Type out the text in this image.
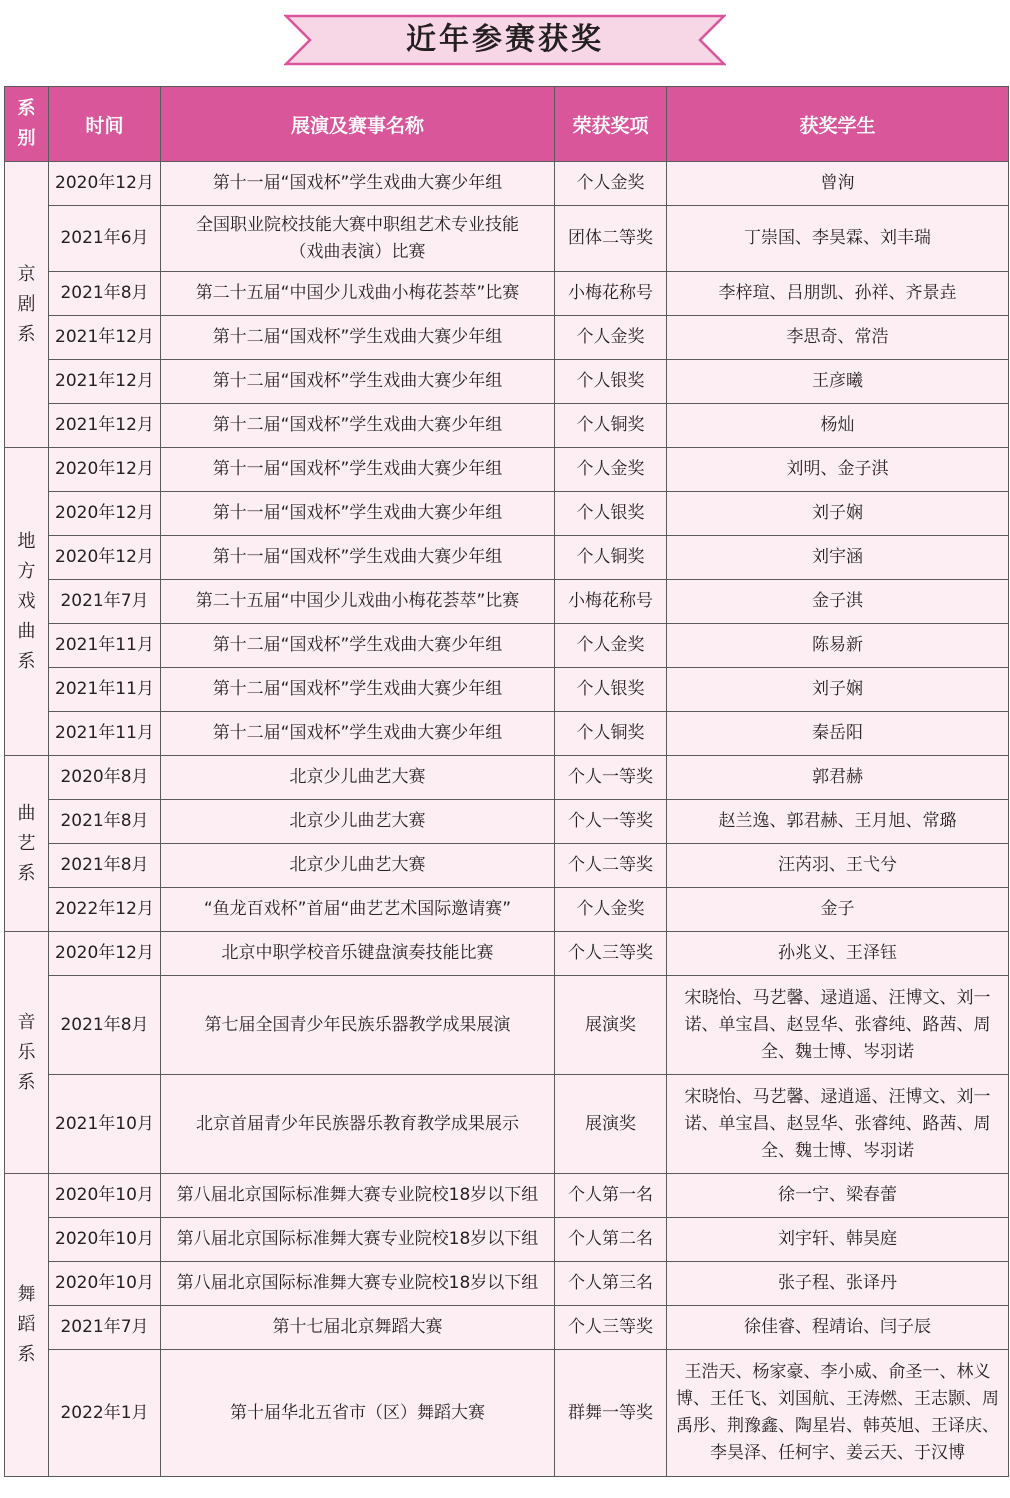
近年参赛获奖
系别	时间	展演及赛事名称	荣获奖项	获奖学生

京剧系	2020年12月	第十一届“国戏杯”学生戏曲大赛少年组	个人金奖	曾洵
	2021年6月	全国职业院校技能大赛中职组艺术专业技能（戏曲表演）比赛	团体二等奖	丁崇国、李昊霖、刘丰瑞
	2021年8月	第二十五届“中国少儿戏曲小梅花荟萃”比赛	小梅花称号	李梓瑄、吕朋凯、孙祥、齐景垚
	2021年12月	第十二届“国戏杯”学生戏曲大赛少年组	个人金奖	李思奇、常浩
	2021年12月	第十二届“国戏杯”学生戏曲大赛少年组	个人银奖	王彦曦
	2021年12月	第十二届“国戏杯”学生戏曲大赛少年组	个人铜奖	杨灿

地方戏曲系	2020年12月	第十一届“国戏杯”学生戏曲大赛少年组	个人金奖	刘明、金子淇
	2020年12月	第十一届“国戏杯”学生戏曲大赛少年组	个人银奖	刘子娴
	2020年12月	第十一届“国戏杯”学生戏曲大赛少年组	个人铜奖	刘宇涵
	2021年7月	第二十五届“中国少儿戏曲小梅花荟萃”比赛	小梅花称号	金子淇
	2021年11月	第十二届“国戏杯”学生戏曲大赛少年组	个人金奖	陈易新
	2021年11月	第十二届“国戏杯”学生戏曲大赛少年组	个人银奖	刘子娴
	2021年11月	第十二届“国戏杯”学生戏曲大赛少年组	个人铜奖	秦岳阳

曲艺系	2020年8月	北京少儿曲艺大赛	个人一等奖	郭君赫
	2021年8月	北京少儿曲艺大赛	个人一等奖	赵兰逸、郭君赫、王月旭、常璐
	2021年8月	北京少儿曲艺大赛	个人二等奖	汪芮羽、王弋兮
	2022年12月	“鱼龙百戏杯”首届“曲艺艺术国际邀请赛”	个人金奖	金子

音乐系	2020年12月	北京中职学校音乐键盘演奏技能比赛	个人三等奖	孙兆义、王泽钰
	2021年8月	第七届全国青少年民族乐器教学成果展演	展演奖	宋晓怡、马艺馨、逯逍遥、汪博文、刘一诺、单宝昌、赵昱华、张睿纯、路茜、周全、魏士博、岑羽诺
	2021年10月	北京首届青少年民族器乐教育教学成果展示	展演奖	宋晓怡、马艺馨、逯逍遥、汪博文、刘一诺、单宝昌、赵昱华、张睿纯、路茜、周全、魏士博、岑羽诺

舞蹈系	2020年10月	第八届北京国际标准舞大赛专业院校18岁以下组	个人第一名	徐一宁、梁春蕾
	2020年10月	第八届北京国际标准舞大赛专业院校18岁以下组	个人第二名	刘宇轩、韩昊庭
	2020年10月	第八届北京国际标准舞大赛专业院校18岁以下组	个人第三名	张子程、张译丹
	2021年7月	第十七届北京舞蹈大赛	个人三等奖	徐佳睿、程靖诒、闫子辰
	2022年1月	第十届华北五省市（区）舞蹈大赛	群舞一等奖	王浩天、杨家豪、李小威、俞圣一、林义博、王任飞、刘国航、王涛燃、王志颢、周禹彤、荆豫鑫、陶星岩、韩英旭、王译庆、李昊泽、任柯宇、姜云天、于汉博
